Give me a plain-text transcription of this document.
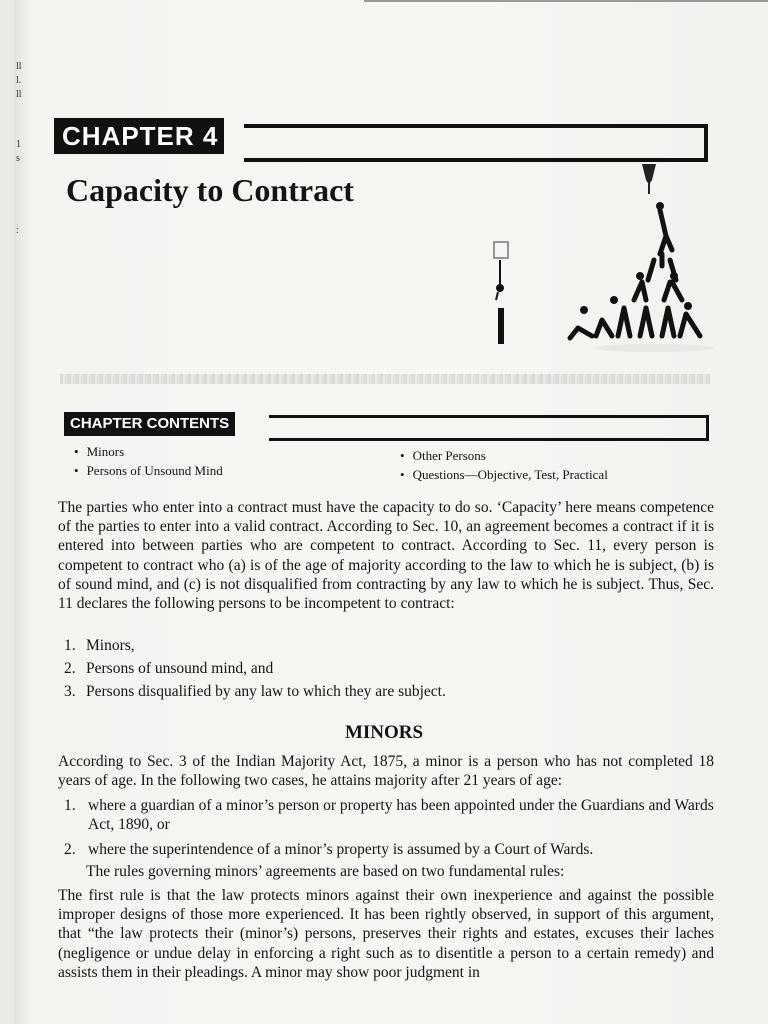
ll
l.
ll
1
s
:
CHAPTER 4
Capacity to Contract
CHAPTER CONTENTS
• Minors
• Persons of Unsound Mind
• Other Persons
• Questions—Objective, Test, Practical

The parties who enter into a contract must have the capacity to do so. ‘Capacity’ here means competence of the parties to enter into a valid contract. According to Sec. 10, an agreement becomes a contract if it is entered into between parties who are competent to contract. According to Sec. 11, every person is competent to contract who (a) is of the age of majority according to the law to which he is subject, (b) is of sound mind, and (c) is not disqualified from contracting by any law to which he is subject. Thus, Sec. 11 declares the following persons to be incompetent to contract:

1. Minors,
2. Persons of unsound mind, and
3. Persons disqualified by any law to which they are subject.
MINORS

According to Sec. 3 of the Indian Majority Act, 1875, a minor is a person who has not completed 18 years of age. In the following two cases, he attains majority after 21 years of age:

1. where a guardian of a minor’s person or property has been appointed under the Guardians and Wards Act, 1890, or
2. where the superintendence of a minor’s property is assumed by a Court of Wards.

The rules governing minors’ agreements are based on two fundamental rules:

The first rule is that the law protects minors against their own inexperience and against the possible improper designs of those more experienced. It has been rightly observed, in support of this argument, that “the law protects their (minor’s) persons, preserves their rights and estates, excuses their laches (negligence or undue delay in enforcing a right such as to disentitle a person to a certain remedy) and assists them in their pleadings. A minor may show poor judgment in
